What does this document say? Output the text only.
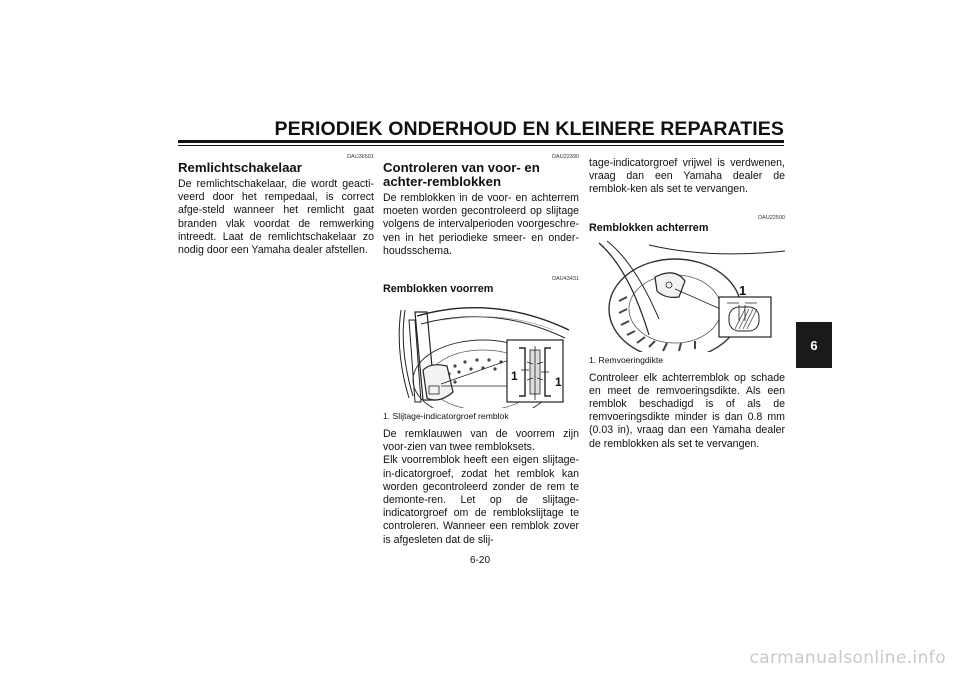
PERIODIEK ONDERHOUD EN KLEINERE REPARATIES
DAU36501
Remlichtschakelaar

De remlichtschakelaar, die wordt geacti-veerd door het rempedaal, is correct afge-steld wanneer het remlicht gaat branden vlak voordat de remwerking intreedt. Laat de remlichtschakelaar zo nodig door een Yamaha dealer afstellen.

DAU22390
Controleren van voor- en achter-remblokken

De remblokken in de voor- en achterrem moeten worden gecontroleerd op slijtage volgens de intervalperioden voorgeschre-ven in het periodieke smeer- en onder-houdsschema.

DAU43431
Remblokken voorrem
1	1
1. Slijtage-indicatorgroef remblok

De remklauwen van de voorrem zijn voor-zien van twee rembloksets.

Elk voorremblok heeft een eigen slijtage-in-dicatorgroef, zodat het remblok kan worden gecontroleerd zonder de rem te demonte-ren. Let op de slijtage-indicatorgroef om de remblokslijtage te controleren. Wanneer een remblok zover is afgesleten dat de slij-

tage-indicatorgroef vrijwel is verdwenen, vraag dan een Yamaha dealer de remblok-ken als set te vervangen.

DAU22500
Remblokken achterrem
1
1. Remvoeringdikte

Controleer elk achterremblok op schade en meet de remvoeringsdikte. Als een remblok beschadigd is of als de remvoeringsdikte minder is dan 0.8 mm (0.03 in), vraag dan een Yamaha dealer de remblokken als set te vervangen.

6
6-20
carmanualsonline.info
